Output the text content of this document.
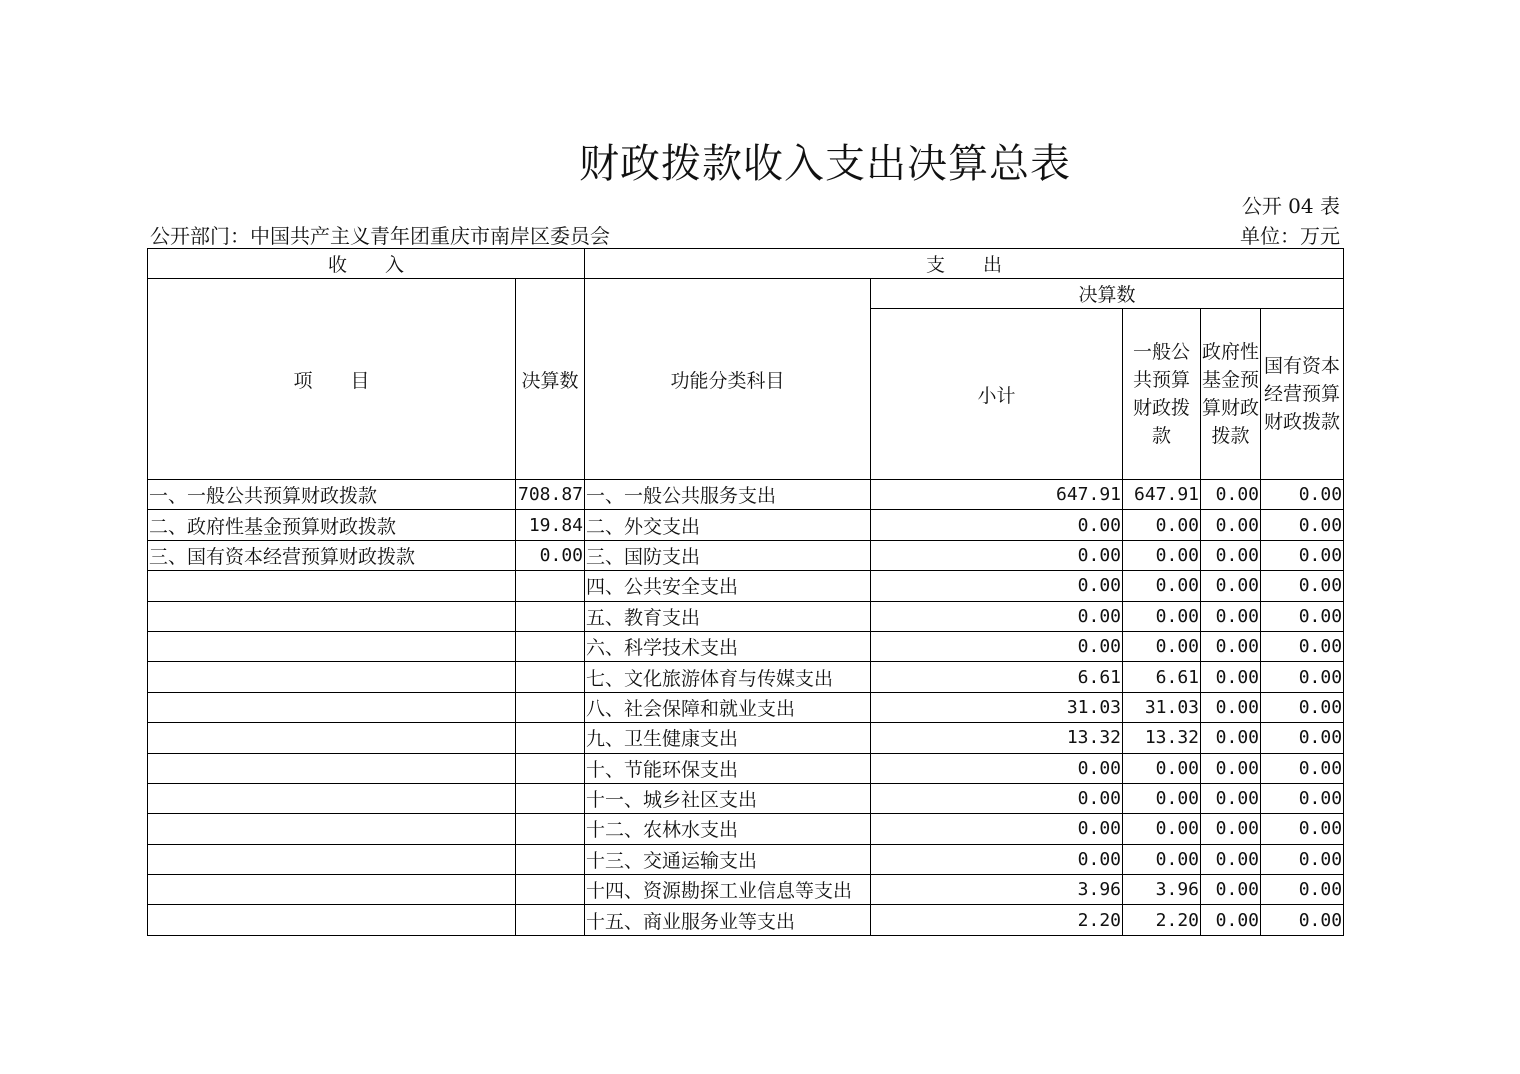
财政拨款收入支出决算总表
公开 04 表
公开部门：中国共产主义青年团重庆市南岸区委员会	单位：万元
收　　入		支　　出				
项　　目	决算数	功能分类科目	决算数			
			小计	一般公共预算财政拨款	政府性基金预算财政拨款	国有资本经营预算财政拨款
一、一般公共预算财政拨款	708.87	一、一般公共服务支出	647.91	647.91	0.00	0.00
二、政府性基金预算财政拨款	19.84	二、外交支出	0.00	0.00	0.00	0.00
三、国有资本经营预算财政拨款	0.00	三、国防支出	0.00	0.00	0.00	0.00
		四、公共安全支出	0.00	0.00	0.00	0.00
		五、教育支出	0.00	0.00	0.00	0.00
		六、科学技术支出	0.00	0.00	0.00	0.00
		七、文化旅游体育与传媒支出	6.61	6.61	0.00	0.00
		八、社会保障和就业支出	31.03	31.03	0.00	0.00
		九、卫生健康支出	13.32	13.32	0.00	0.00
		十、节能环保支出	0.00	0.00	0.00	0.00
		十一、城乡社区支出	0.00	0.00	0.00	0.00
		十二、农林水支出	0.00	0.00	0.00	0.00
		十三、交通运输支出	0.00	0.00	0.00	0.00
		十四、资源勘探工业信息等支出	3.96	3.96	0.00	0.00
		十五、商业服务业等支出	2.20	2.20	0.00	0.00
